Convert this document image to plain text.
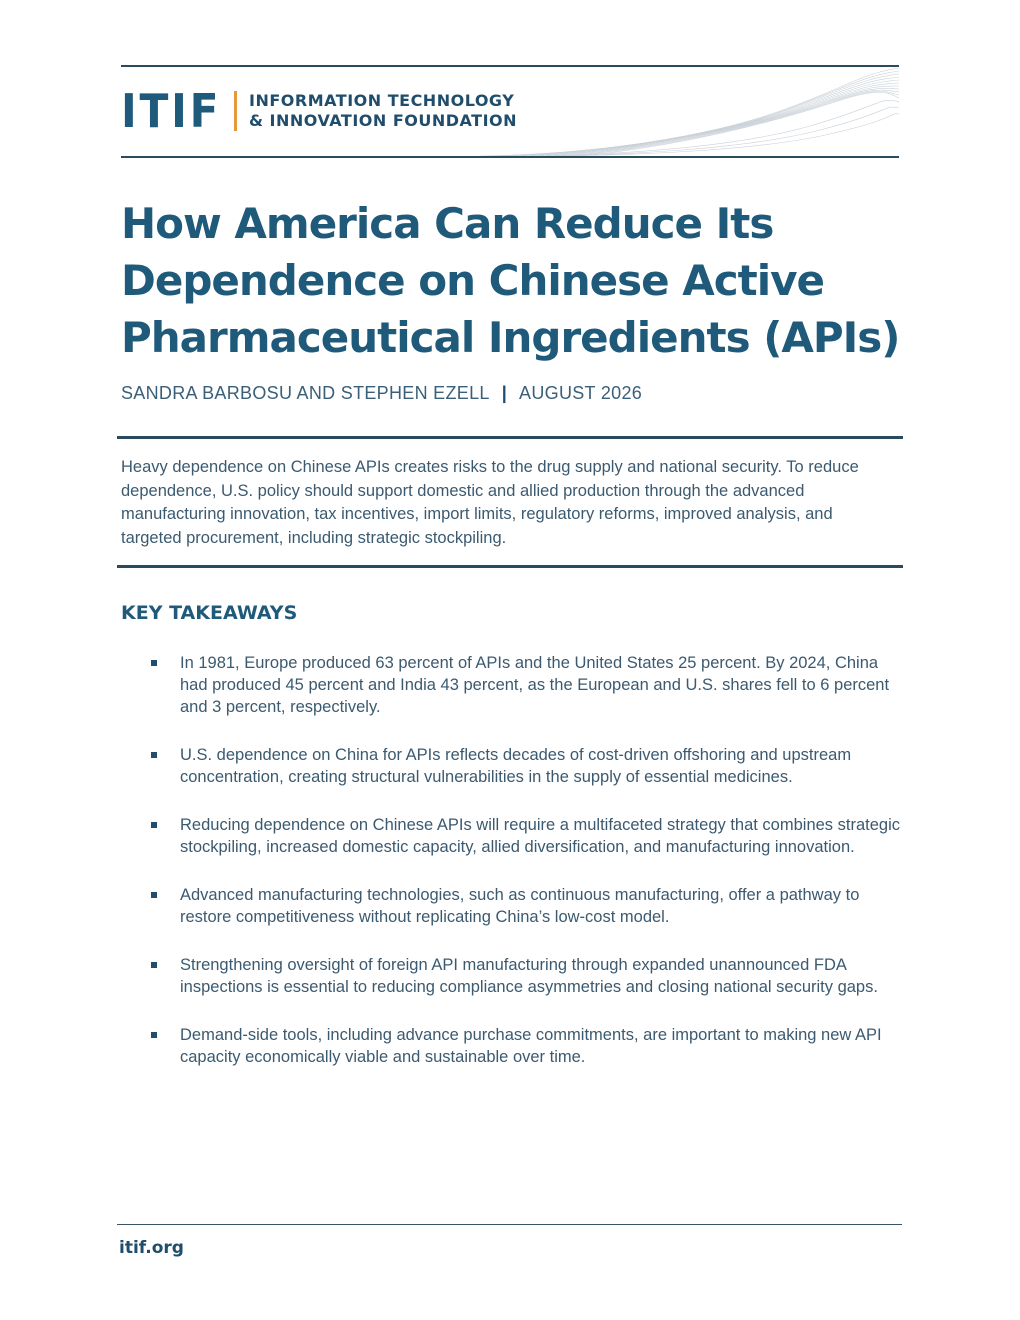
ITIF INFORMATION TECHNOLOGY
& INNOVATION FOUNDATION
How America Can Reduce Its Dependence on Chinese Active Pharmaceutical Ingredients (APIs)
SANDRA BARBOSU AND STEPHEN EZELL | AUGUST 2026

Heavy dependence on Chinese APIs creates risks to the drug supply and national security. To reduce dependence, U.S. policy should support domestic and allied production through the advanced manufacturing innovation, tax incentives, import limits, regulatory reforms, improved analysis, and targeted procurement, including strategic stockpiling.

KEY TAKEAWAYS
In 1981, Europe produced 63 percent of APIs and the United States 25 percent. By 2024, China had produced 45 percent and India 43 percent, as the European and U.S. shares fell to 6 percent and 3 percent, respectively.
U.S. dependence on China for APIs reflects decades of cost-driven offshoring and upstream concentration, creating structural vulnerabilities in the supply of essential medicines.
Reducing dependence on Chinese APIs will require a multifaceted strategy that combines strategic stockpiling, increased domestic capacity, allied diversification, and manufacturing innovation.
Advanced manufacturing technologies, such as continuous manufacturing, offer a pathway to restore competitiveness without replicating China’s low-cost model.
Strengthening oversight of foreign API manufacturing through expanded unannounced FDA inspections is essential to reducing compliance asymmetries and closing national security gaps.
Demand-side tools, including advance purchase commitments, are important to making new API capacity economically viable and sustainable over time.
itif.org
